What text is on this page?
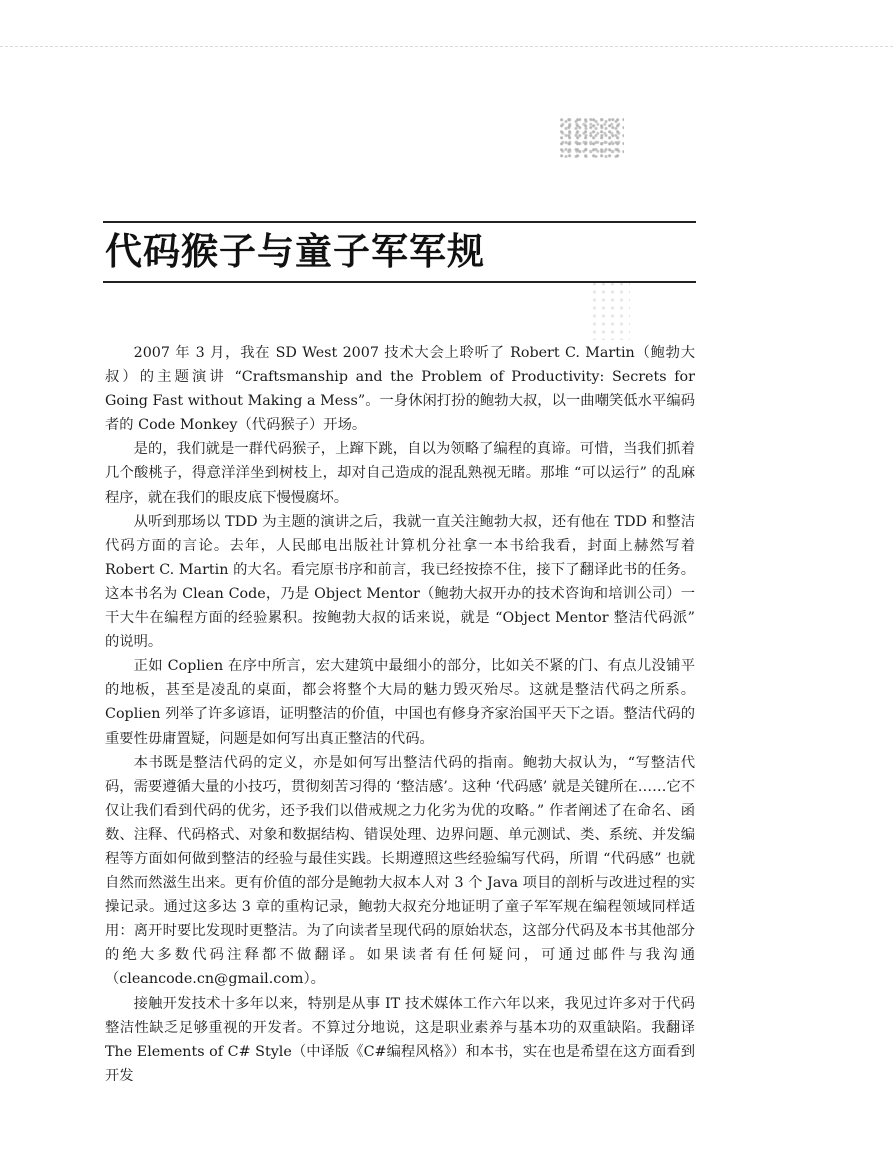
代码猴子与童子军军规

2007 年 3 月，我在 SD West 2007 技术大会上聆听了 Robert C. Martin（鲍勃大叔）的主题演讲 “Craftsmanship and the Problem of Productivity: Secrets for Going Fast without Making a Mess”。一身休闲打扮的鲍勃大叔，以一曲嘲笑低水平编码者的 Code Monkey（代码猴子）开场。

是的，我们就是一群代码猴子，上蹿下跳，自以为领略了编程的真谛。可惜，当我们抓着几个酸桃子，得意洋洋坐到树枝上，却对自己造成的混乱熟视无睹。那堆 “可以运行” 的乱麻程序，就在我们的眼皮底下慢慢腐坏。

从听到那场以 TDD 为主题的演讲之后，我就一直关注鲍勃大叔，还有他在 TDD 和整洁代码方面的言论。去年，人民邮电出版社计算机分社拿一本书给我看，封面上赫然写着 Robert C. Martin 的大名。看完原书序和前言，我已经按捺不住，接下了翻译此书的任务。这本书名为 Clean Code，乃是 Object Mentor（鲍勃大叔开办的技术咨询和培训公司）一干大牛在编程方面的经验累积。按鲍勃大叔的话来说，就是 “Object Mentor 整洁代码派” 的说明。

正如 Coplien 在序中所言，宏大建筑中最细小的部分，比如关不紧的门、有点儿没铺平的地板，甚至是凌乱的桌面，都会将整个大局的魅力毁灭殆尽。这就是整洁代码之所系。Coplien 列举了许多谚语，证明整洁的价值，中国也有修身齐家治国平天下之语。整洁代码的重要性毋庸置疑，问题是如何写出真正整洁的代码。

本书既是整洁代码的定义，亦是如何写出整洁代码的指南。鲍勃大叔认为，“写整洁代码，需要遵循大量的小技巧，贯彻刻苦习得的 ‘整洁感’。这种 ‘代码感’ 就是关键所在……它不仅让我们看到代码的优劣，还予我们以借戒规之力化劣为优的攻略。” 作者阐述了在命名、函数、注释、代码格式、对象和数据结构、错误处理、边界问题、单元测试、类、系统、并发编程等方面如何做到整洁的经验与最佳实践。长期遵照这些经验编写代码，所谓 “代码感” 也就自然而然滋生出来。更有价值的部分是鲍勃大叔本人对 3 个 Java 项目的剖析与改进过程的实操记录。通过这多达 3 章的重构记录，鲍勃大叔充分地证明了童子军军规在编程领域同样适用：离开时要比发现时更整洁。为了向读者呈现代码的原始状态，这部分代码及本书其他部分的绝大多数代码注释都不做翻译。如果读者有任何疑问，可通过邮件与我沟通（cleancode.cn@gmail.com）。

接触开发技术十多年以来，特别是从事 IT 技术媒体工作六年以来，我见过许多对于代码整洁性缺乏足够重视的开发者。不算过分地说，这是职业素养与基本功的双重缺陷。我翻译 The Elements of C# Style（中译版《C#编程风格》）和本书，实在也是希望在这方面看到开发
